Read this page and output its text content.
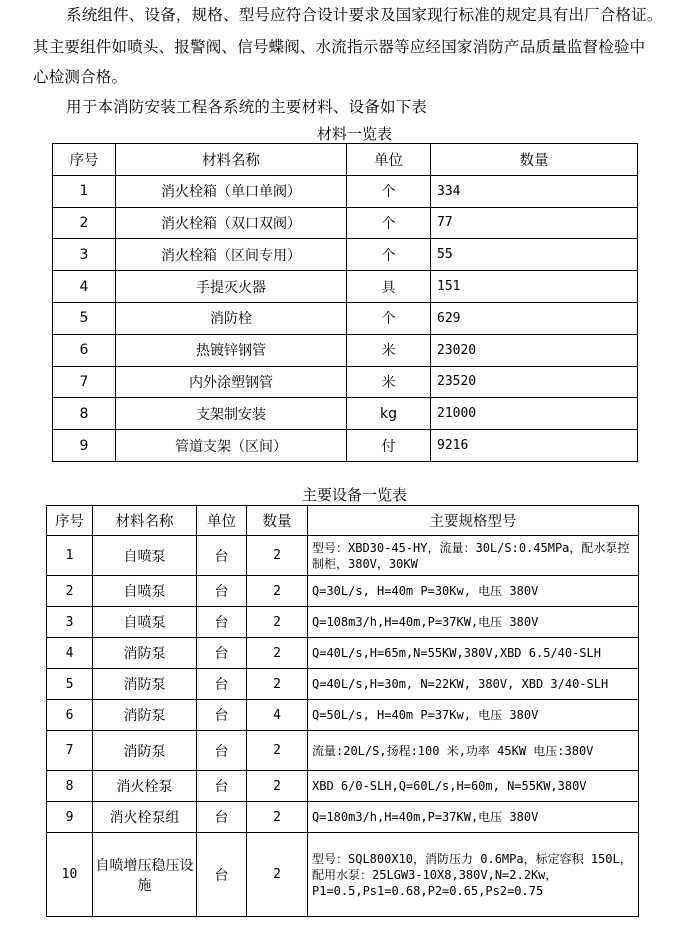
系统组件、设备，规格、型号应符合设计要求及国家现行标准的规定具有出厂合格证。
其主要组件如喷头、报警阀、信号蝶阀、水流指示器等应经国家消防产品质量监督检验中
心检测合格。
用于本消防安装工程各系统的主要材料、设备如下表
材料一览表
序号	材料名称	单位	数量
1	消火栓箱（单口单阀）	个	334
2	消火栓箱（双口双阀）	个	77
3	消火栓箱（区间专用）	个	55
4	手提灭火器	具	151
5	消防栓	个	629
6	热镀锌钢管	米	23020
7	内外涂塑钢管	米	23520
8	支架制安装	kg	21000
9	管道支架（区间）	付	9216
主要设备一览表
序号	材料名称	单位	数量	主要规格型号
1	自喷泵	台	2	型号：XBD30-45-HY，流量：30L/S:0.45MPa，配水泵控制柜，380V，30KW
2	自喷泵	台	2	Q=30L/s, H=40m P=30Kw, 电压 380V
3	自喷泵	台	2	Q=108m3/h,H=40m,P=37KW,电压 380V
4	消防泵	台	2	Q=40L/s,H=65m,N=55KW,380V,XBD 6.5/40-SLH
5	消防泵	台	2	Q=40L/s,H=30m, N=22KW, 380V, XBD 3/40-SLH
6	消防泵	台	4	Q=50L/s, H=40m P=37Kw, 电压 380V
7	消防泵	台	2	流量:20L/S,扬程:100 米,功率 45KW 电压:380V
8	消火栓泵	台	2	XBD 6/0-SLH,Q=60L/s,H=60m, N=55KW,380V
9	消火栓泵组	台	2	Q=180m3/h,H=40m,P=37KW,电压 380V
10	自喷增压稳压设施	台	2	型号：SQL800X10，消防压力 0.6MPa，标定容积 150L，配用水泵：25LGW3-10X8,380V,N=2.2Kw，P1=0.5,Ps1=0.68,P2=0.65,Ps2=0.75
